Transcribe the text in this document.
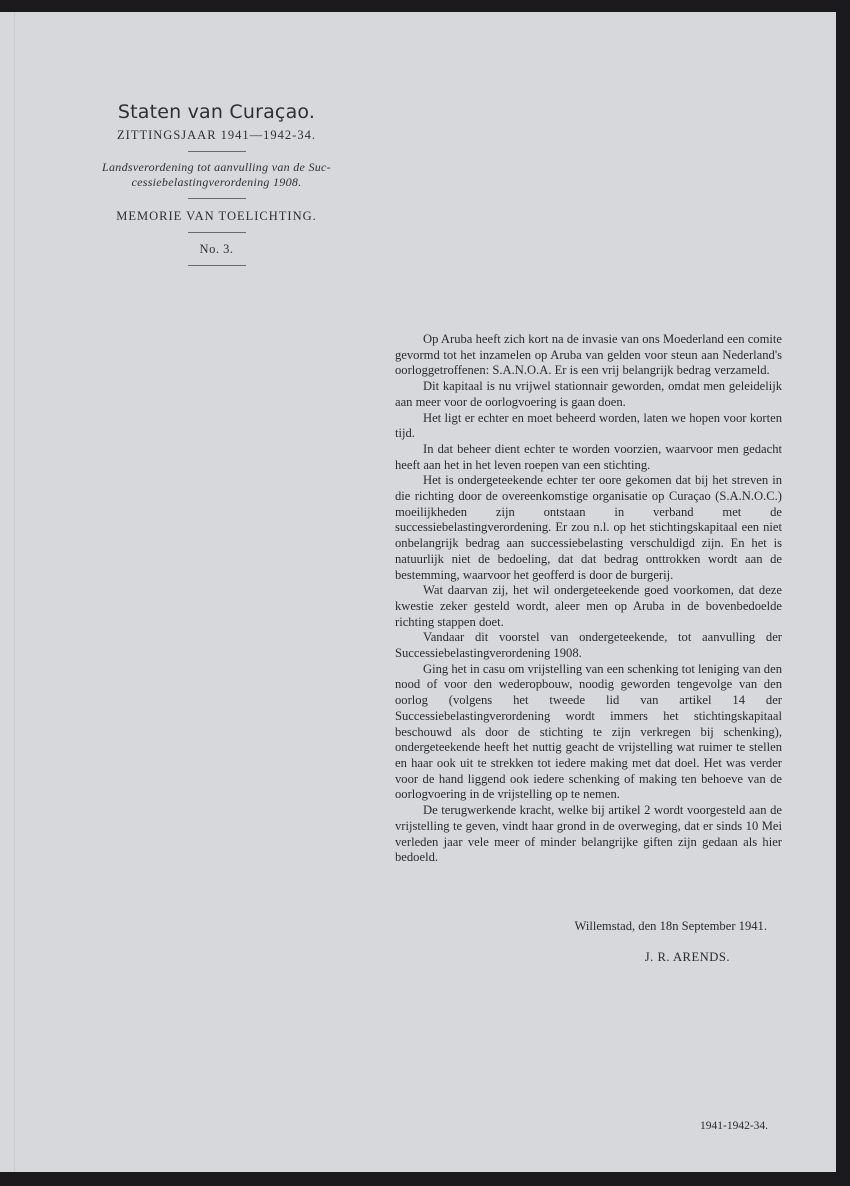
Staten van Curaçao.
ZITTINGSJAAR 1941—1942-34.
Landsverordening tot aanvulling van de Suc-
cessiebelastingverordening 1908.
MEMORIE VAN TOELICHTING.
No. 3.

Op Aruba heeft zich kort na de invasie van ons Moederland een comite gevormd tot het inzamelen op Aruba van gelden voor steun aan Nederland's oorloggetroffenen: S.A.N.O.A. Er is een vrij belangrijk bedrag verzameld.

Dit kapitaal is nu vrijwel stationnair geworden, omdat men geleidelijk aan meer voor de oorlogvoering is gaan doen.

Het ligt er echter en moet beheerd worden, laten we hopen voor korten tijd.

In dat beheer dient echter te worden voorzien, waarvoor men gedacht heeft aan het in het leven roepen van een stichting.

Het is ondergeteekende echter ter oore gekomen dat bij het streven in die richting door de overeenkomstige organisatie op Curaçao (S.A.N.O.C.) moeilijkheden zijn ontstaan in verband met de successiebelastingverordening. Er zou n.l. op het stichtingskapitaal een niet onbelangrijk bedrag aan successiebelasting verschuldigd zijn. En het is natuurlijk niet de bedoeling, dat dat bedrag onttrokken wordt aan de bestemming, waarvoor het geofferd is door de burgerij.

Wat daarvan zij, het wil ondergeteekende goed voorkomen, dat deze kwestie zeker gesteld wordt, aleer men op Aruba in de bovenbedoelde richting stappen doet.

Vandaar dit voorstel van ondergeteekende, tot aanvulling der Successiebelastingverordening 1908.

Ging het in casu om vrijstelling van een schenking tot leniging van den nood of voor den wederopbouw, noodig geworden tengevolge van den oorlog (volgens het tweede lid van artikel 14 der Successiebelastingverordening wordt immers het stichtingskapitaal beschouwd als door de stichting te zijn verkregen bij schenking), ondergeteekende heeft het nuttig geacht de vrijstelling wat ruimer te stellen en haar ook uit te strekken tot iedere making met dat doel. Het was verder voor de hand liggend ook iedere schenking of making ten behoeve van de oorlogvoering in de vrijstelling op te nemen.

De terugwerkende kracht, welke bij artikel 2 wordt voorgesteld aan de vrijstelling te geven, vindt haar grond in de overweging, dat er sinds 10 Mei verleden jaar vele meer of minder belangrijke giften zijn gedaan als hier bedoeld.

Willemstad, den 18n September 1941.
J. R. ARENDS.
1941-1942-34.
